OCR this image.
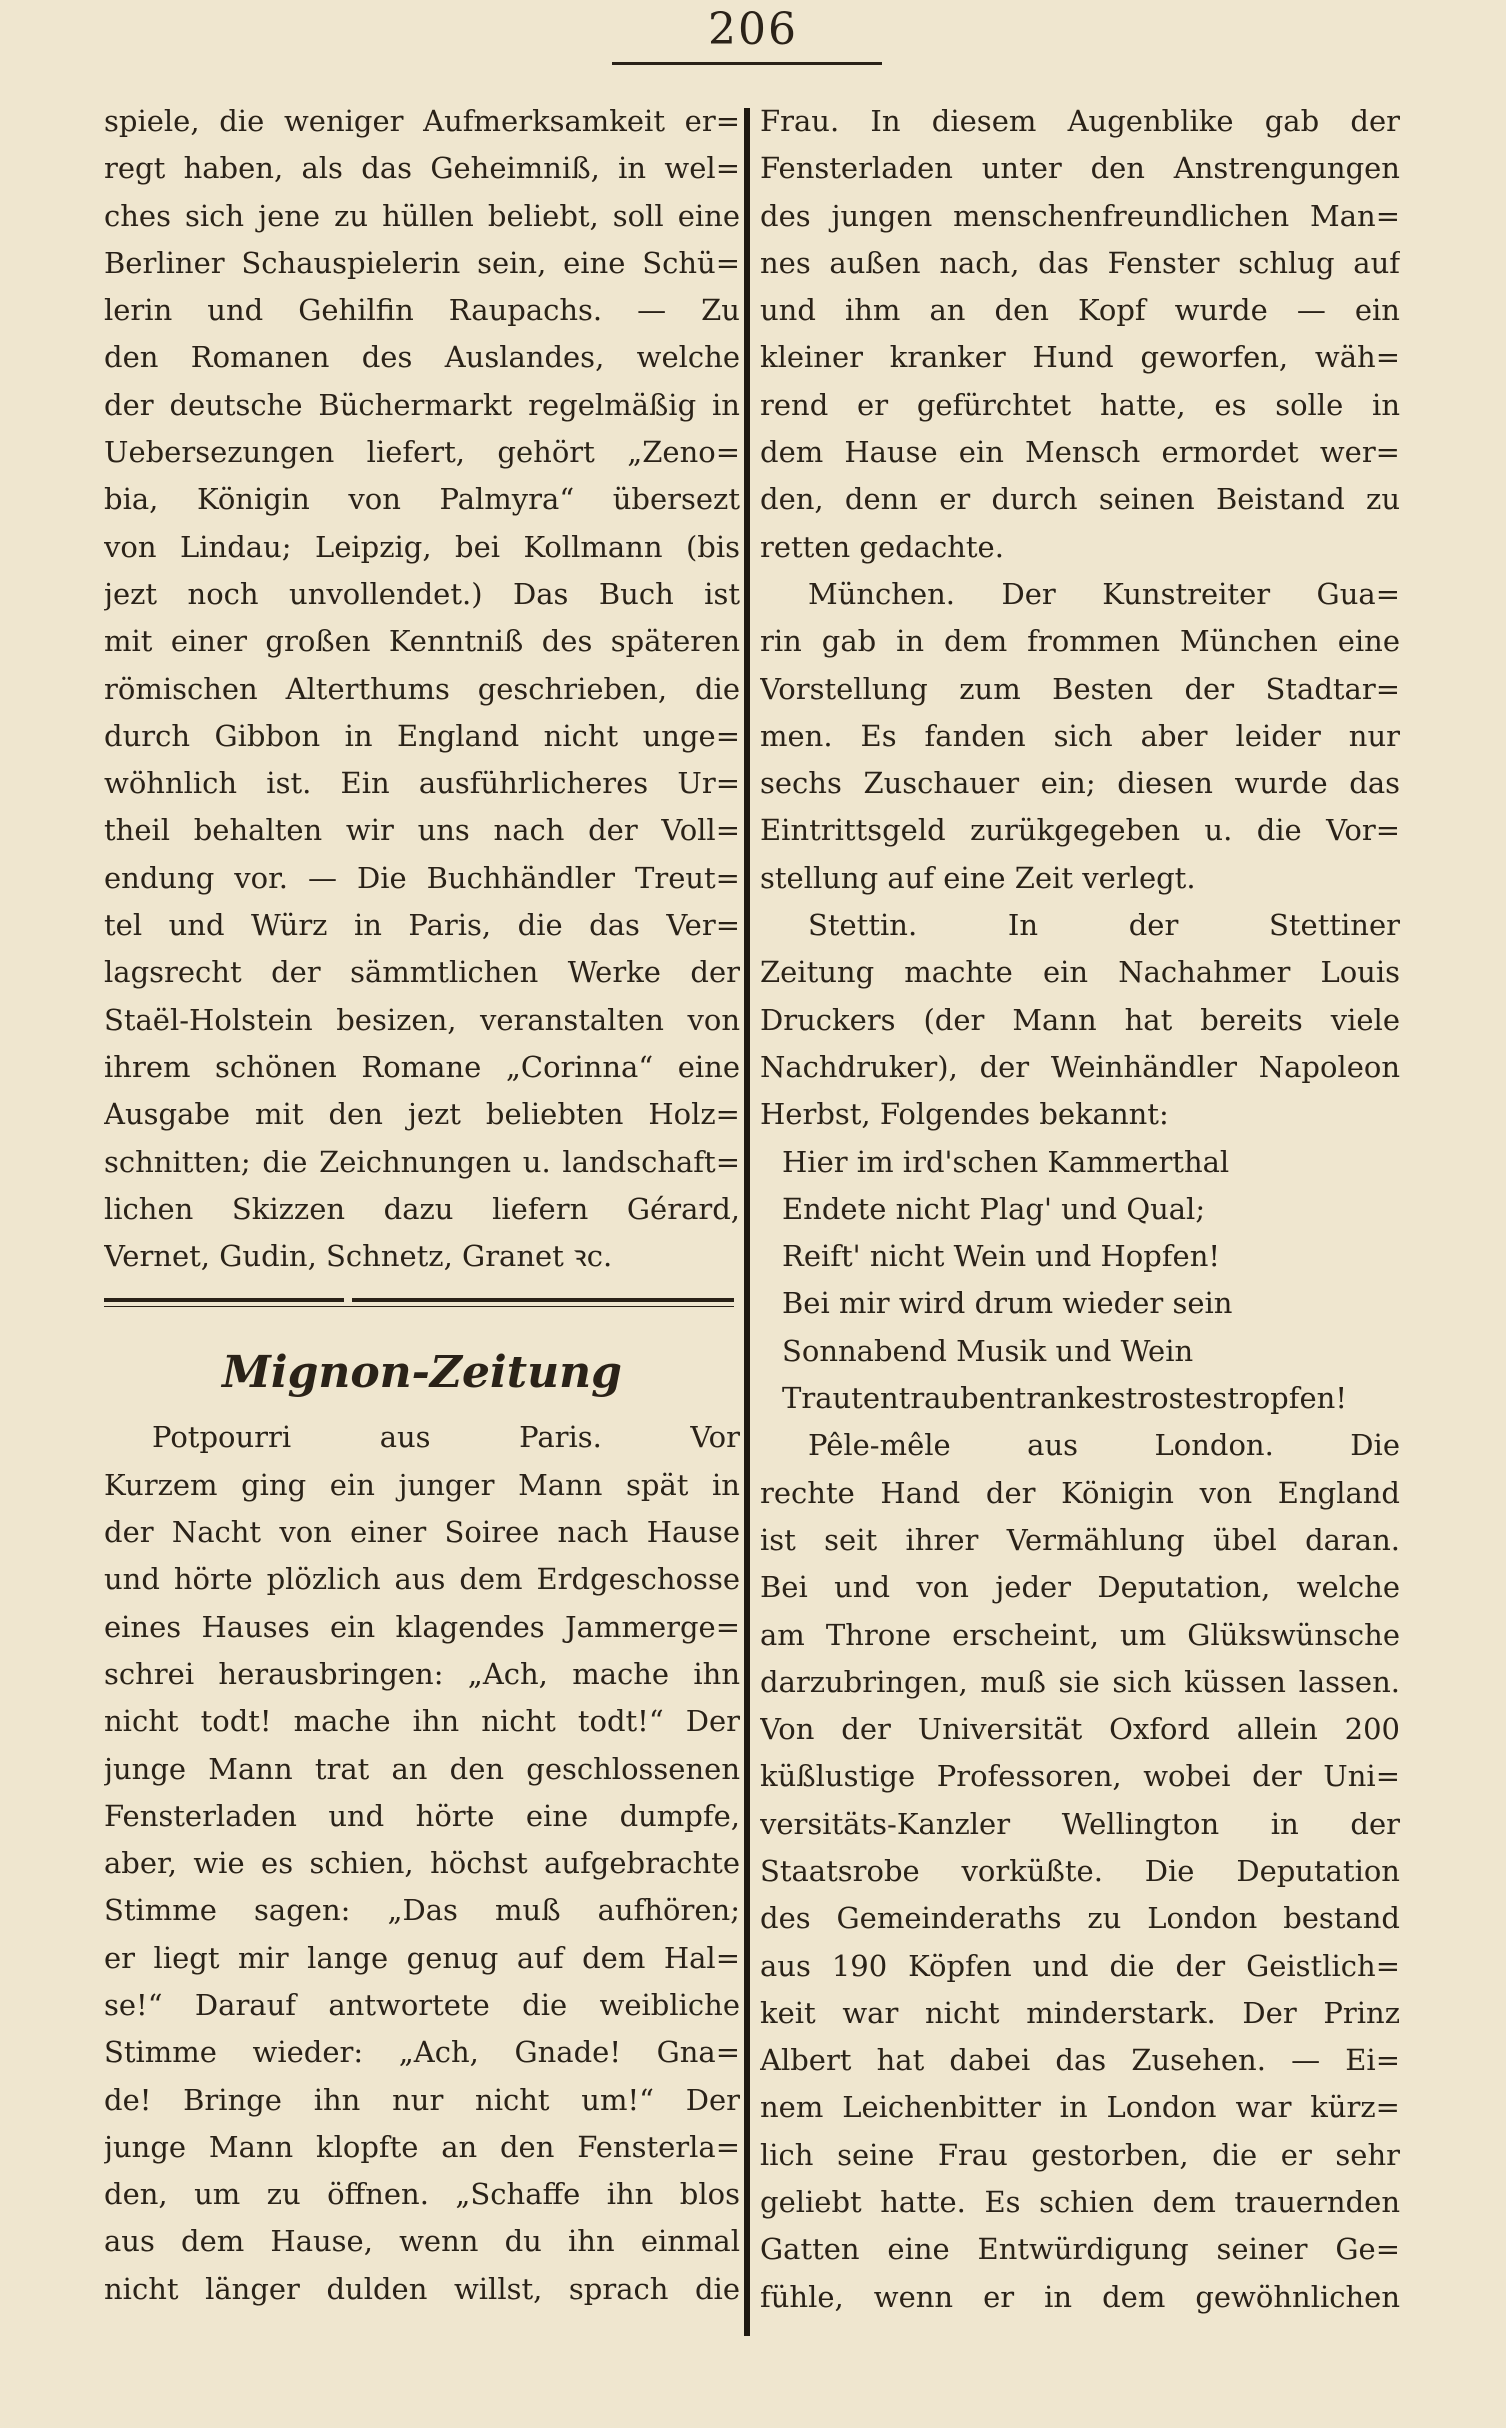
206
spiele, die weniger Aufmerksamkeit er=
regt haben, als das Geheimniß, in wel=
ches sich jene zu hüllen beliebt, soll eine
Berliner Schauspielerin sein, eine Schü=
lerin und Gehilfin Raupachs. — Zu
den Romanen des Auslandes, welche
der deutsche Büchermarkt regelmäßig in
Uebersezungen liefert, gehört „Zeno=
bia, Königin von Palmyra“ übersezt
von Lindau; Leipzig, bei Kollmann (bis
jezt noch unvollendet.) Das Buch ist
mit einer großen Kenntniß des späteren
römischen Alterthums geschrieben, die
durch Gibbon in England nicht unge=
wöhnlich ist. Ein ausführlicheres Ur=
theil behalten wir uns nach der Voll=
endung vor. — Die Buchhändler Treut=
tel und Würz in Paris, die das Ver=
lagsrecht der sämmtlichen Werke der
Staël-Holstein besizen, veranstalten von
ihrem schönen Romane „Corinna“ eine
Ausgabe mit den jezt beliebten Holz=
schnitten; die Zeichnungen u. landschaft=
lichen Skizzen dazu liefern Gérard,
Vernet, Gudin, Schnetz, Granet ꝛc.
Mignon-Zeitung
Potpourri aus Paris. Vor
Kurzem ging ein junger Mann spät in
der Nacht von einer Soiree nach Hause
und hörte plözlich aus dem Erdgeschosse
eines Hauses ein klagendes Jammerge=
schrei herausbringen: „Ach, mache ihn
nicht todt! mache ihn nicht todt!“ Der
junge Mann trat an den geschlossenen
Fensterladen und hörte eine dumpfe,
aber, wie es schien, höchst aufgebrachte
Stimme sagen: „Das muß aufhören;
er liegt mir lange genug auf dem Hal=
se!“ Darauf antwortete die weibliche
Stimme wieder: „Ach, Gnade! Gna=
de! Bringe ihn nur nicht um!“ Der
junge Mann klopfte an den Fensterla=
den, um zu öffnen. „Schaffe ihn blos
aus dem Hause, wenn du ihn einmal
nicht länger dulden willst, sprach die
Frau. In diesem Augenblike gab der
Fensterladen unter den Anstrengungen
des jungen menschenfreundlichen Man=
nes außen nach, das Fenster schlug auf
und ihm an den Kopf wurde — ein
kleiner kranker Hund geworfen, wäh=
rend er gefürchtet hatte, es solle in
dem Hause ein Mensch ermordet wer=
den, denn er durch seinen Beistand zu
retten gedachte.
München. Der Kunstreiter Gua=
rin gab in dem frommen München eine
Vorstellung zum Besten der Stadtar=
men. Es fanden sich aber leider nur
sechs Zuschauer ein; diesen wurde das
Eintrittsgeld zurükgegeben u. die Vor=
stellung auf eine Zeit verlegt.
Stettin. In der Stettiner
Zeitung machte ein Nachahmer Louis
Druckers (der Mann hat bereits viele
Nachdruker), der Weinhändler Napoleon
Herbst, Folgendes bekannt:
Hier im ird'schen Kammerthal
Endete nicht Plag' und Qual;
Reift' nicht Wein und Hopfen!
Bei mir wird drum wieder sein
Sonnabend Musik und Wein
Trautentraubentrankestrostestropfen!
Pêle-mêle aus London. Die
rechte Hand der Königin von England
ist seit ihrer Vermählung übel daran.
Bei und von jeder Deputation, welche
am Throne erscheint, um Glükswünsche
darzubringen, muß sie sich küssen lassen.
Von der Universität Oxford allein 200
küßlustige Professoren, wobei der Uni=
versitäts-Kanzler Wellington in der
Staatsrobe vorküßte. Die Deputation
des Gemeinderaths zu London bestand
aus 190 Köpfen und die der Geistlich=
keit war nicht minderstark. Der Prinz
Albert hat dabei das Zusehen. — Ei=
nem Leichenbitter in London war kürz=
lich seine Frau gestorben, die er sehr
geliebt hatte. Es schien dem trauernden
Gatten eine Entwürdigung seiner Ge=
fühle, wenn er in dem gewöhnlichen
